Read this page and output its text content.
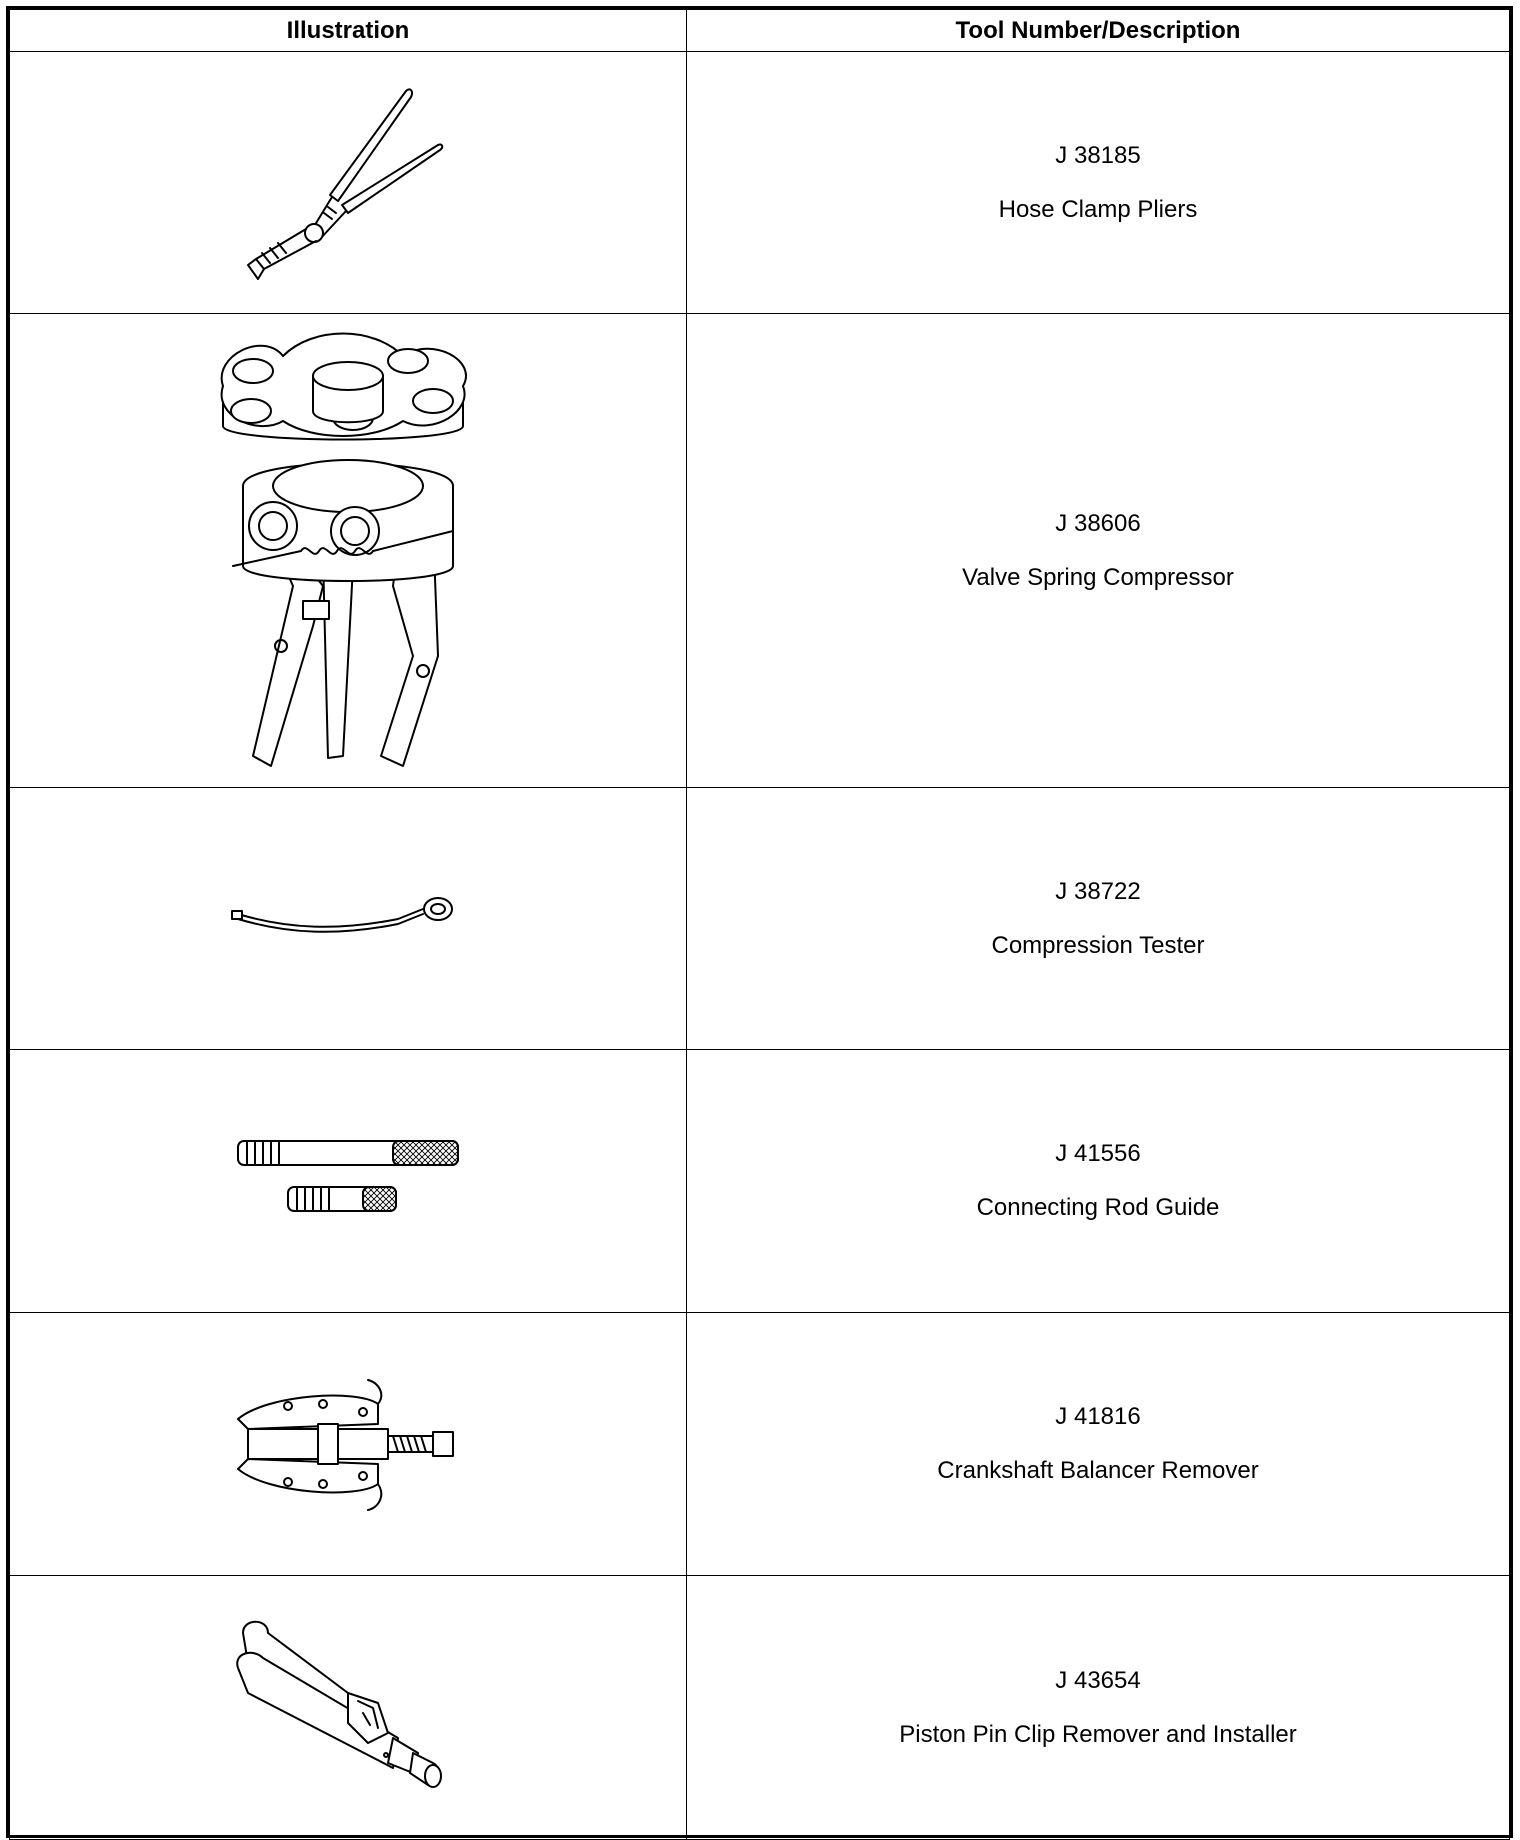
Illustration	Tool Number/Description

J 38185
Hose Clamp Pliers

J 38606
Valve Spring Compressor

J 38722
Compression Tester

J 41556
Connecting Rod Guide

J 41816
Crankshaft Balancer Remover

J 43654
Piston Pin Clip Remover and Installer
